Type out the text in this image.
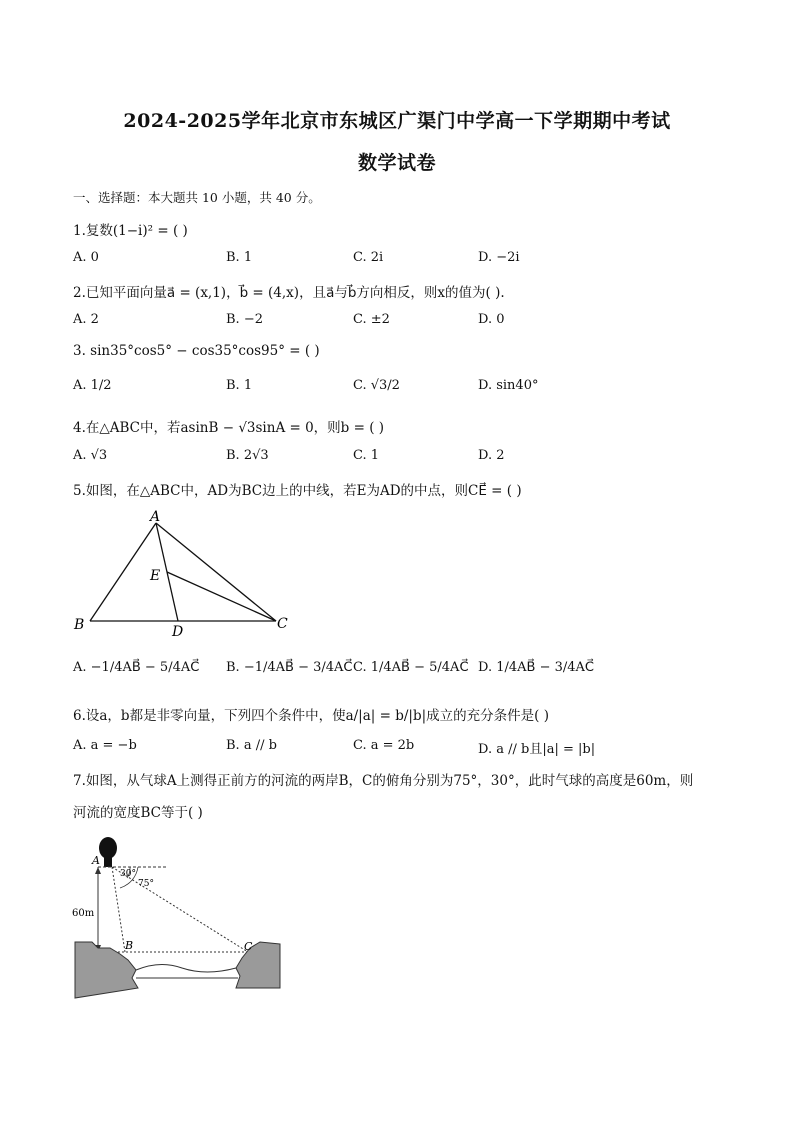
2024-2025学年北京市东城区广渠门中学高一下学期期中考试
数学试卷
一、选择题：本大题共 10 小题，共 40 分。
1.复数(1−i)² = ( )
A. 0	B. 1	C. 2i	D. −2i
2.已知平面向量a⃗ = (x,1)，b⃗ = (4,x)，且a⃗与b⃗方向相反，则x的值为( ).
A. 2	B. −2	C. ±2	D. 0
3. sin35°cos5° − cos35°cos95° = ( )
A. 1/2	B. 1	C. √3/2	D. sin40°
4.在△ABC中，若asinB − √3sinA = 0，则b = ( )
A. √3	B. 2√3	C. 1	D. 2
5.如图，在△ABC中，AD为BC边上的中线，若E为AD的中点，则CE⃗ = ( )
A
B	C
D
E
A. −1/4AB⃗ − 5/4AC⃗ B. −1/4AB⃗ − 3/4AC⃗ C. 1/4AB⃗ − 5/4AC⃗ D. 1/4AB⃗ − 3/4AC⃗
6.设a，b都是非零向量，下列四个条件中，使a/|a| = b/|b|成立的充分条件是( )
A. a = −b	B. a // b	C. a = 2b	D. a // b且|a| = |b|
7.如图，从气球A上测得正前方的河流的两岸B，C的俯角分别为75°，30°，此时气球的高度是60m，则
河流的宽度BC等于( )
A
B	C
30°
75°
60m
